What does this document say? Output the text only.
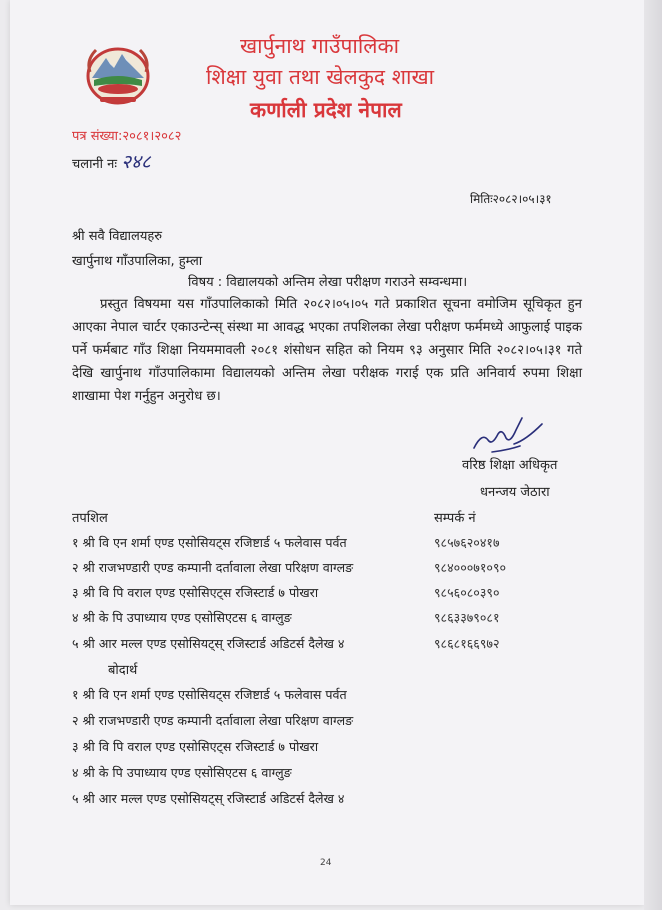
खार्पुनाथ गाउँपालिका
शिक्षा युवा तथा खेलकुद शाखा
कर्णाली प्रदेश नेपाल
पत्र संख्या:२०८१।२०८२
चलानी नः २४८
मितिः२०८२।०५।३१
श्री सवै विद्यालयहरु
खार्पुनाथ गाँउपालिका, हुम्ला
विषय : विद्यालयको अन्तिम लेखा परीक्षण गराउने सम्वन्धमा।
प्रस्तुत विषयमा यस गाँउपालिकाको मिति २०८२।०५।०५ गते प्रकाशित सूचना वमोजिम सूचिकृत हुन आएका नेपाल चार्टर एकाउन्टेन्स् संस्था मा आवद्ध भएका तपशिलका लेखा परीक्षण फर्ममध्ये आफुलाई पाइक पर्ने फर्मबाट गाँउ शिक्षा नियममावली २०८१ शंसोधन सहित को नियम ९३ अनुसार मिति २०८२।०५।३१ गते देखि खार्पुनाथ गाँउपालिकामा विद्यालयको अन्तिम लेखा परीक्षक गराई एक प्रति अनिवार्य रुपमा शिक्षा शाखामा पेश गर्नुहुन अनुरोध छ।
वरिष्ठ शिक्षा अधिकृत
धनन्जय जेठारा
तपशिल	सम्पर्क नं
१ श्री वि एन शर्मा एण्ड एसोसियट्स रजिष्टार्ड ५ फलेवास पर्वत	९८५७६२०४१७
२ श्री राजभण्डारी एण्ड कम्पानी दर्तावाला लेखा परिक्षण वाग्लङ	९८४०००७१०९०
३ श्री वि पि वराल एण्ड एसोसिएट्स रजिस्टार्ड ७ पोखरा	९८५६०८०३९०
४ श्री के पि उपाध्याय एण्ड एसोसिएटस ६ वाग्लुङ	९८६३३७९०८१
५ श्री आर मल्ल एण्ड एसोसियट्स् रजिस्टार्ड अडिटर्स दैलेख ४	९८६८१६६९७२
बोदार्थ
१ श्री वि एन शर्मा एण्ड एसोसियट्स रजिष्टार्ड ५ फलेवास पर्वत
२ श्री राजभण्डारी एण्ड कम्पानी दर्तावाला लेखा परिक्षण वाग्लङ
३ श्री वि पि वराल एण्ड एसोसिएट्स रजिस्टार्ड ७ पोखरा
४ श्री के पि उपाध्याय एण्ड एसोसिएटस ६ वाग्लुङ
५ श्री आर मल्ल एण्ड एसोसियट्स् रजिस्टार्ड अडिटर्स दैलेख ४
24
